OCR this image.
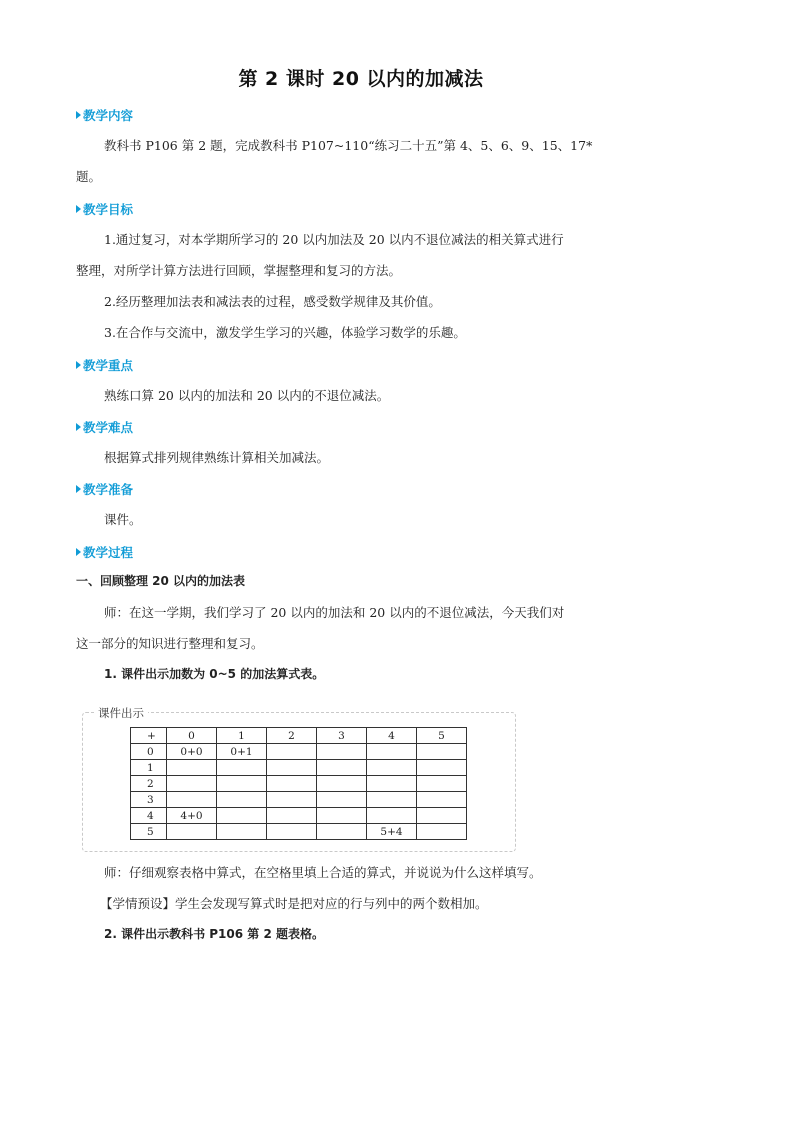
第 2 课时 20 以内的加减法
教学内容
教科书 P106 第 2 题，完成教科书 P107~110“练习二十五”第 4、5、6、9、15、17*
题。
教学目标
1.通过复习，对本学期所学习的 20 以内加法及 20 以内不退位减法的相关算式进行
整理，对所学计算方法进行回顾，掌握整理和复习的方法。
2.经历整理加法表和减法表的过程，感受数学规律及其价值。
3.在合作与交流中，激发学生学习的兴趣，体验学习数学的乐趣。
教学重点
熟练口算 20 以内的加法和 20 以内的不退位减法。
教学难点
根据算式排列规律熟练计算相关加减法。
教学准备
课件。
教学过程
一、回顾整理 20 以内的加法表
师：在这一学期，我们学习了 20 以内的加法和 20 以内的不退位减法，今天我们对
这一部分的知识进行整理和复习。
1. 课件出示加数为 0~5 的加法算式表。
课件出示
+	0	1	2	3	4	5
0	0+0	0+1				
1						
2						
3						
4	4+0					
5					5+4	
师：仔细观察表格中算式，在空格里填上合适的算式，并说说为什么这样填写。
【学情预设】学生会发现写算式时是把对应的行与列中的两个数相加。
2. 课件出示教科书 P106 第 2 题表格。
